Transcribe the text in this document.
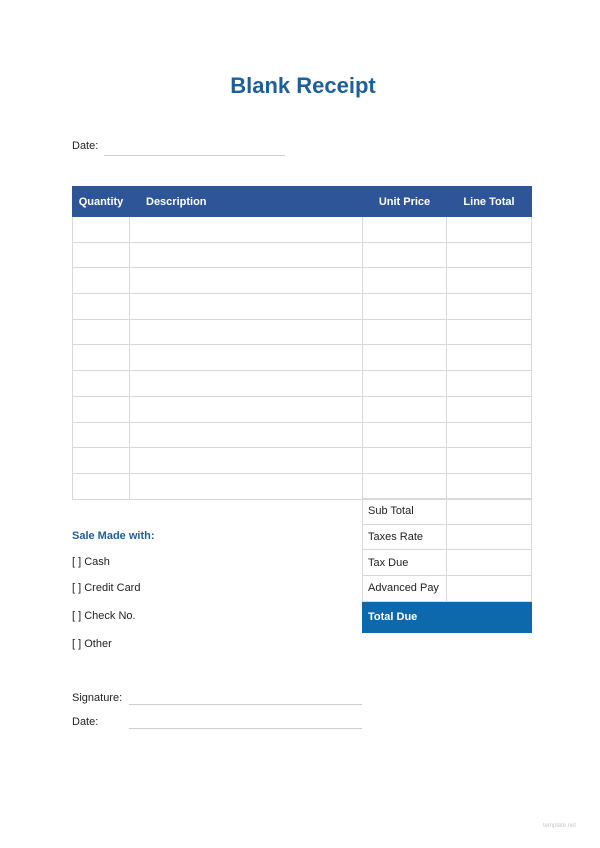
Blank Receipt
Date:
Quantity	Description	Unit Price	Line Total

Sub Total	
Taxes Rate	
Tax Due	
Advanced Pay	
Total Due	
Sale Made with:
[ ] Cash
[ ] Credit Card
[ ] Check No.
[ ] Other
Signature:
Date:
template.net
